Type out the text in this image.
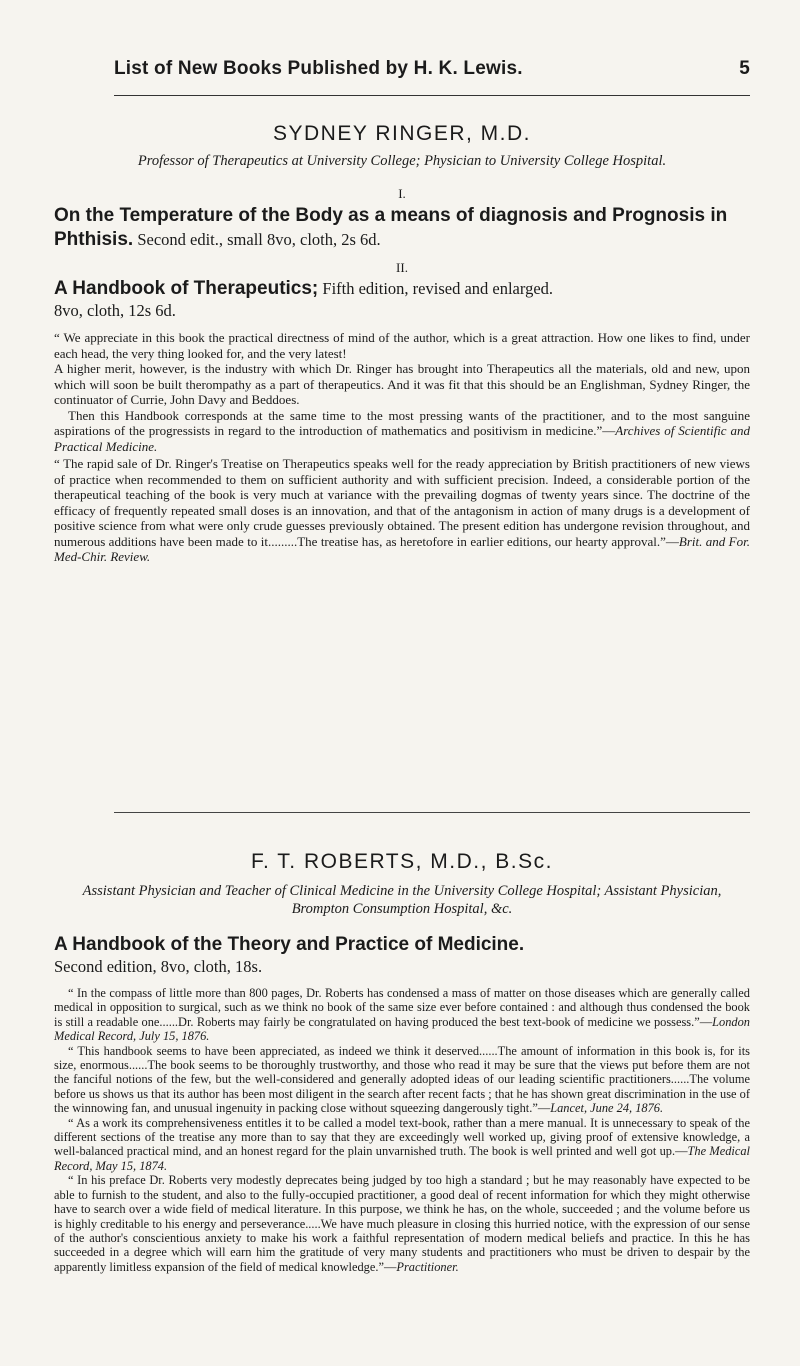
List of New Books Published by H. K. Lewis.	5

SYDNEY RINGER, M.D.

Professor of Therapeutics at University College; Physician to University College Hospital.

I.

On the Temperature of the Body as a means of diagnosis and Prognosis in Phthisis. Second edit., small 8vo, cloth, 2s 6d.

II.

A Handbook of Therapeutics; Fifth edition, revised and enlarged.
8vo, cloth, 12s 6d.

“ We appreciate in this book the practical directness of mind of the author, which is a great attraction. How one likes to find, under each head, the very thing looked for, and the very latest!

A higher merit, however, is the industry with which Dr. Ringer has brought into Therapeutics all the materials, old and new, upon which will soon be built therompathy as a part of therapeutics. And it was fit that this should be an Englishman, Sydney Ringer, the continuator of Currie, John Davy and Beddoes.

Then this Handbook corresponds at the same time to the most pressing wants of the practitioner, and to the most sanguine aspirations of the progressists in regard to the introduction of mathematics and positivism in medicine.”—Archives of Scientific and Practical Medicine.

“ The rapid sale of Dr. Ringer's Treatise on Therapeutics speaks well for the ready appreciation by British practitioners of new views of practice when recommended to them on sufficient authority and with sufficient precision. Indeed, a considerable portion of the therapeutical teaching of the book is very much at variance with the prevailing dogmas of twenty years since. The doctrine of the efficacy of frequently repeated small doses is an innovation, and that of the antagonism in action of many drugs is a development of positive science from what were only crude guesses previously obtained. The present edition has undergone revision throughout, and numerous additions have been made to it.........The treatise has, as heretofore in earlier editions, our hearty approval.”—Brit. and For. Med-Chir. Review.

F. T. ROBERTS, M.D., B.Sc.

Assistant Physician and Teacher of Clinical Medicine in the University College Hospital; Assistant Physician, Brompton Consumption Hospital, &c.

A Handbook of the Theory and Practice of Medicine.
Second edition, 8vo, cloth, 18s.

“ In the compass of little more than 800 pages, Dr. Roberts has condensed a mass of matter on those diseases which are generally called medical in opposition to surgical, such as we think no book of the same size ever before contained : and although thus condensed the book is still a readable one......Dr. Roberts may fairly be congratulated on having produced the best text-book of medicine we possess.”—London Medical Record, July 15, 1876.

“ This handbook seems to have been appreciated, as indeed we think it deserved......The amount of information in this book is, for its size, enormous......The book seems to be thoroughly trustworthy, and those who read it may be sure that the views put before them are not the fanciful notions of the few, but the well-considered and generally adopted ideas of our leading scientific practitioners......The volume before us shows us that its author has been most diligent in the search after recent facts ; that he has shown great discrimination in the use of the winnowing fan, and unusual ingenuity in packing close without squeezing dangerously tight.”—Lancet, June 24, 1876.

“ As a work its comprehensiveness entitles it to be called a model text-book, rather than a mere manual. It is unnecessary to speak of the different sections of the treatise any more than to say that they are exceedingly well worked up, giving proof of extensive knowledge, a well-balanced practical mind, and an honest regard for the plain unvarnished truth. The book is well printed and well got up.—The Medical Record, May 15, 1874.

“ In his preface Dr. Roberts very modestly deprecates being judged by too high a standard ; but he may reasonably have expected to be able to furnish to the student, and also to the fully-occupied practitioner, a good deal of recent information for which they might otherwise have to search over a wide field of medical literature. In this purpose, we think he has, on the whole, succeeded ; and the volume before us is highly creditable to his energy and perseverance.....We have much pleasure in closing this hurried notice, with the expression of our sense of the author's conscientious anxiety to make his work a faithful representation of modern medical beliefs and practice. In this he has succeeded in a degree which will earn him the gratitude of very many students and practitioners who must be driven to despair by the apparently limitless expansion of the field of medical knowledge.”—Practitioner.
